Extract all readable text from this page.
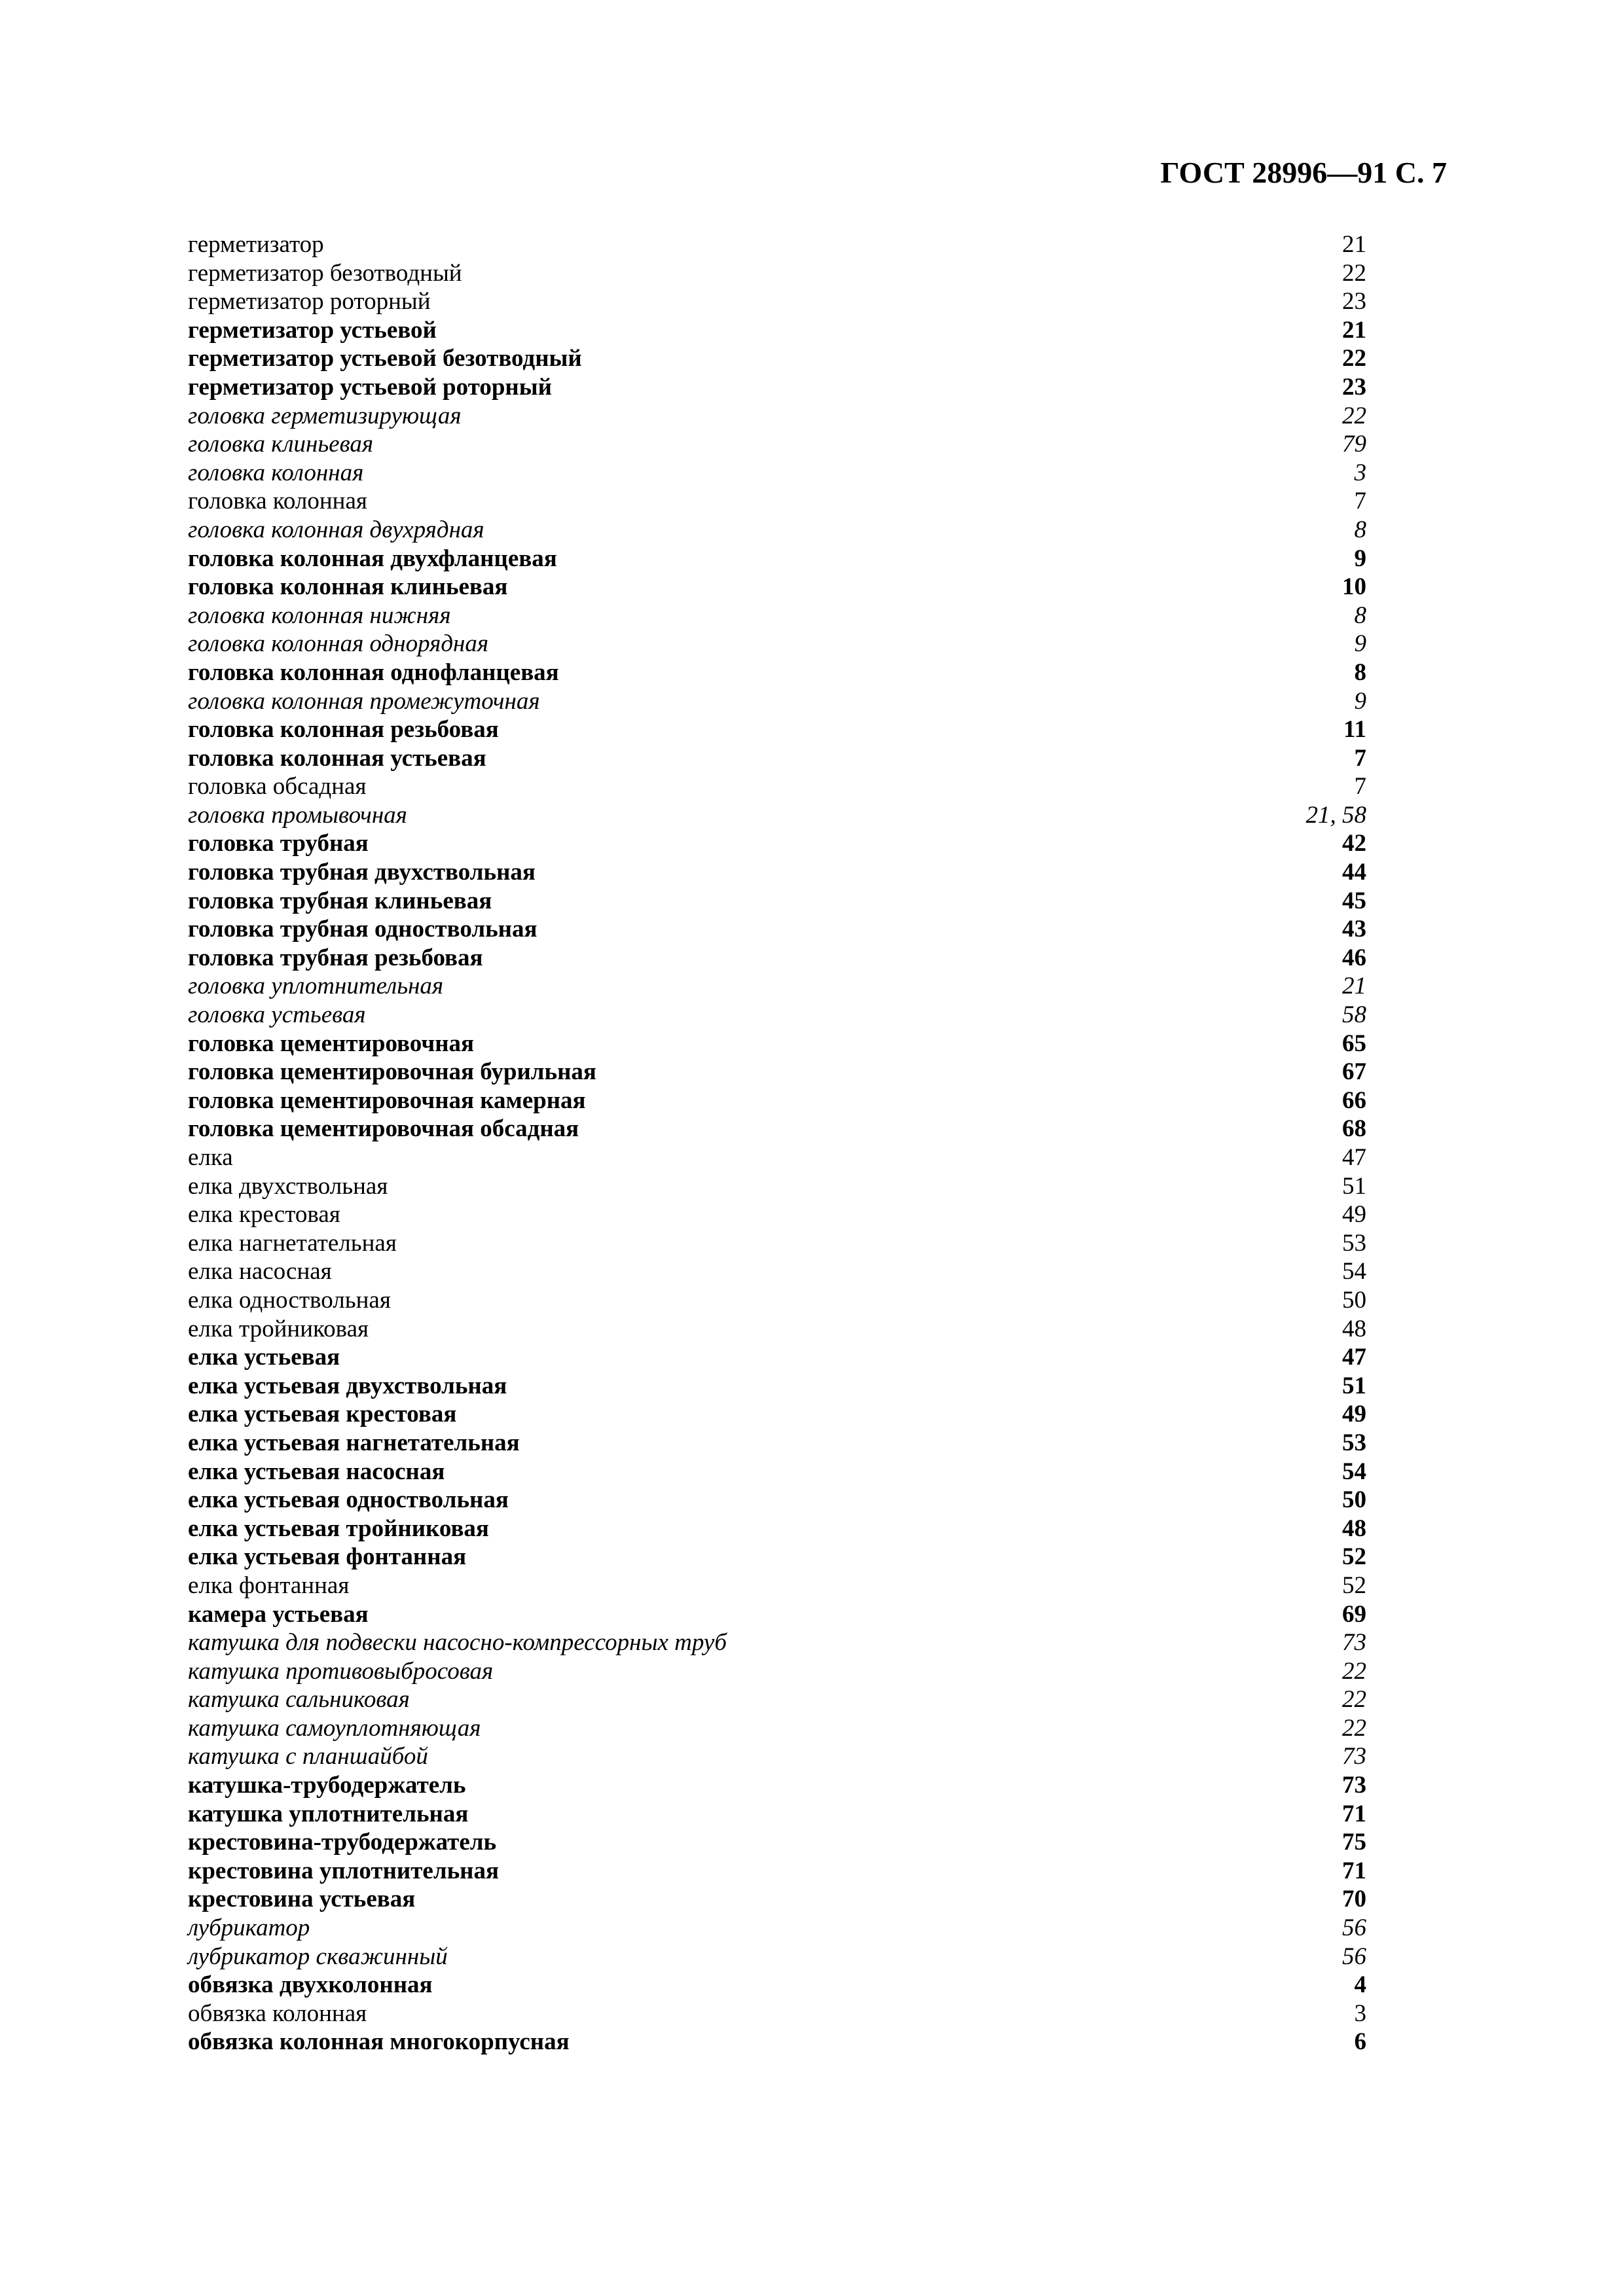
ГОСТ 28996—91 С. 7
герметизатор	21
герметизатор безотводный	22
герметизатор роторный	23
герметизатор устьевой	21
герметизатор устьевой безотводный	22
герметизатор устьевой роторный	23
головка герметизирующая	22
головка клиньевая	79
головка колонная	3
головка колонная	7
головка колонная двухрядная	8
головка колонная двухфланцевая	9
головка колонная клиньевая	10
головка колонная нижняя	8
головка колонная однорядная	9
головка колонная однофланцевая	8
головка колонная промежуточная	9
головка колонная резьбовая	11
головка колонная устьевая	7
головка обсадная	7
головка промывочная	21, 58
головка трубная	42
головка трубная двухствольная	44
головка трубная клиньевая	45
головка трубная одноствольная	43
головка трубная резьбовая	46
головка уплотнительная	21
головка устьевая	58
головка цементировочная	65
головка цементировочная бурильная	67
головка цементировочная камерная	66
головка цементировочная обсадная	68
елка	47
елка двухствольная	51
елка крестовая	49
елка нагнетательная	53
елка насосная	54
елка одноствольная	50
елка тройниковая	48
елка устьевая	47
елка устьевая двухствольная	51
елка устьевая крестовая	49
елка устьевая нагнетательная	53
елка устьевая насосная	54
елка устьевая одноствольная	50
елка устьевая тройниковая	48
елка устьевая фонтанная	52
елка фонтанная	52
камера устьевая	69
катушка для подвески насосно-компрессорных труб	73
катушка противовыбросовая	22
катушка сальниковая	22
катушка самоуплотняющая	22
катушка с планшайбой	73
катушка-трубодержатель	73
катушка уплотнительная	71
крестовина-трубодержатель	75
крестовина уплотнительная	71
крестовина устьевая	70
лубрикатор	56
лубрикатор скважинный	56
обвязка двухколонная	4
обвязка колонная	3
обвязка колонная многокорпусная	6
